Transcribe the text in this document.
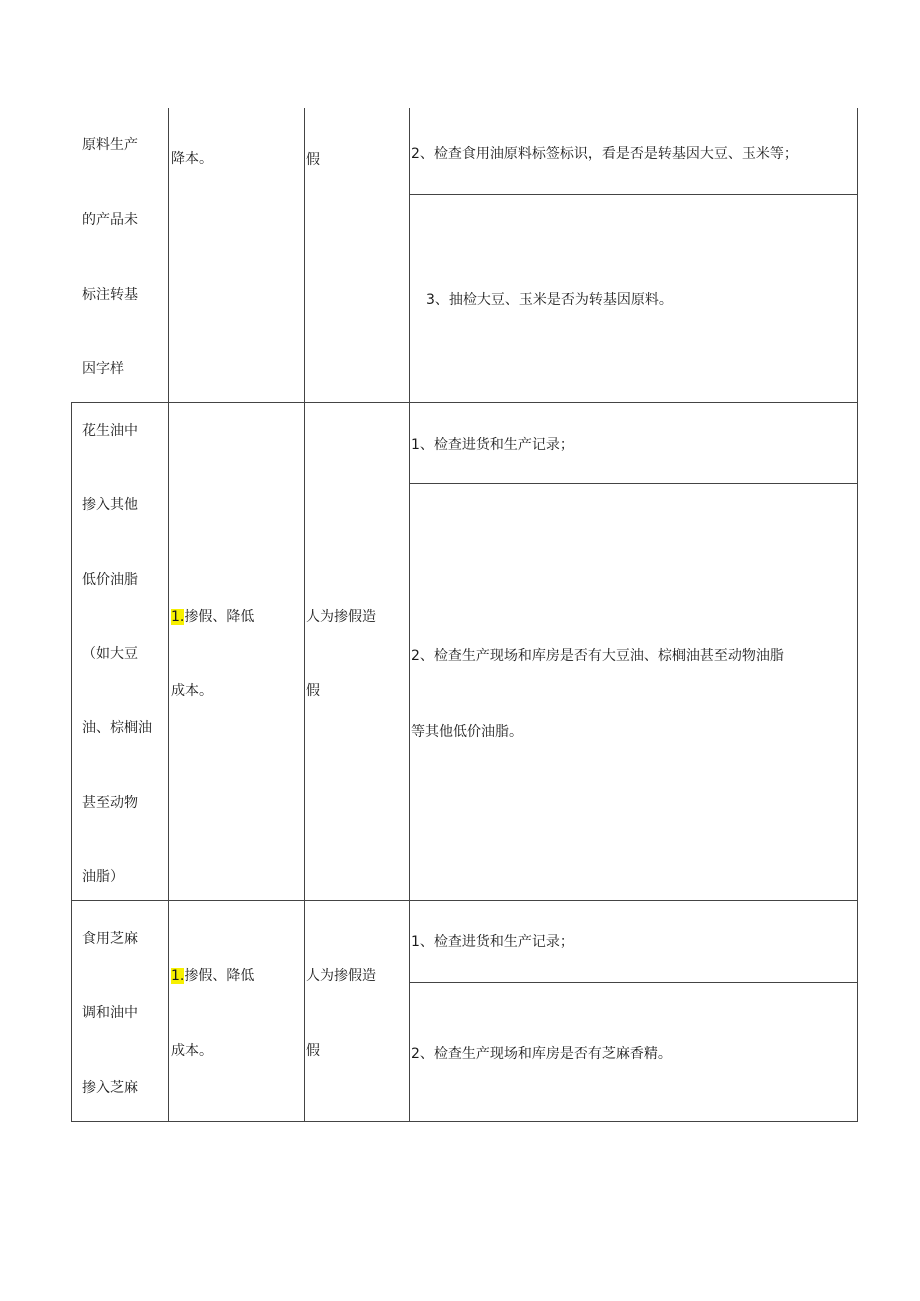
原料生产
的产品未
标注转基
因字样
降本。	假	2、检查食用油原料标签标识，看是否是转基因大豆、玉米等；
3、抽检大豆、玉米是否为转基因原料。
花生油中
掺入其他
低价油脂
（如大豆
油、棕榈油
甚至动物
油脂）
1.掺假、降低
成本。
人为掺假造
假
1、检查进货和生产记录；
2、检查生产现场和库房是否有大豆油、棕榈油甚至动物油脂
等其他低价油脂。
食用芝麻
调和油中
掺入芝麻
1.掺假、降低
成本。
人为掺假造
假
1、检查进货和生产记录；
2、检查生产现场和库房是否有芝麻香精。
